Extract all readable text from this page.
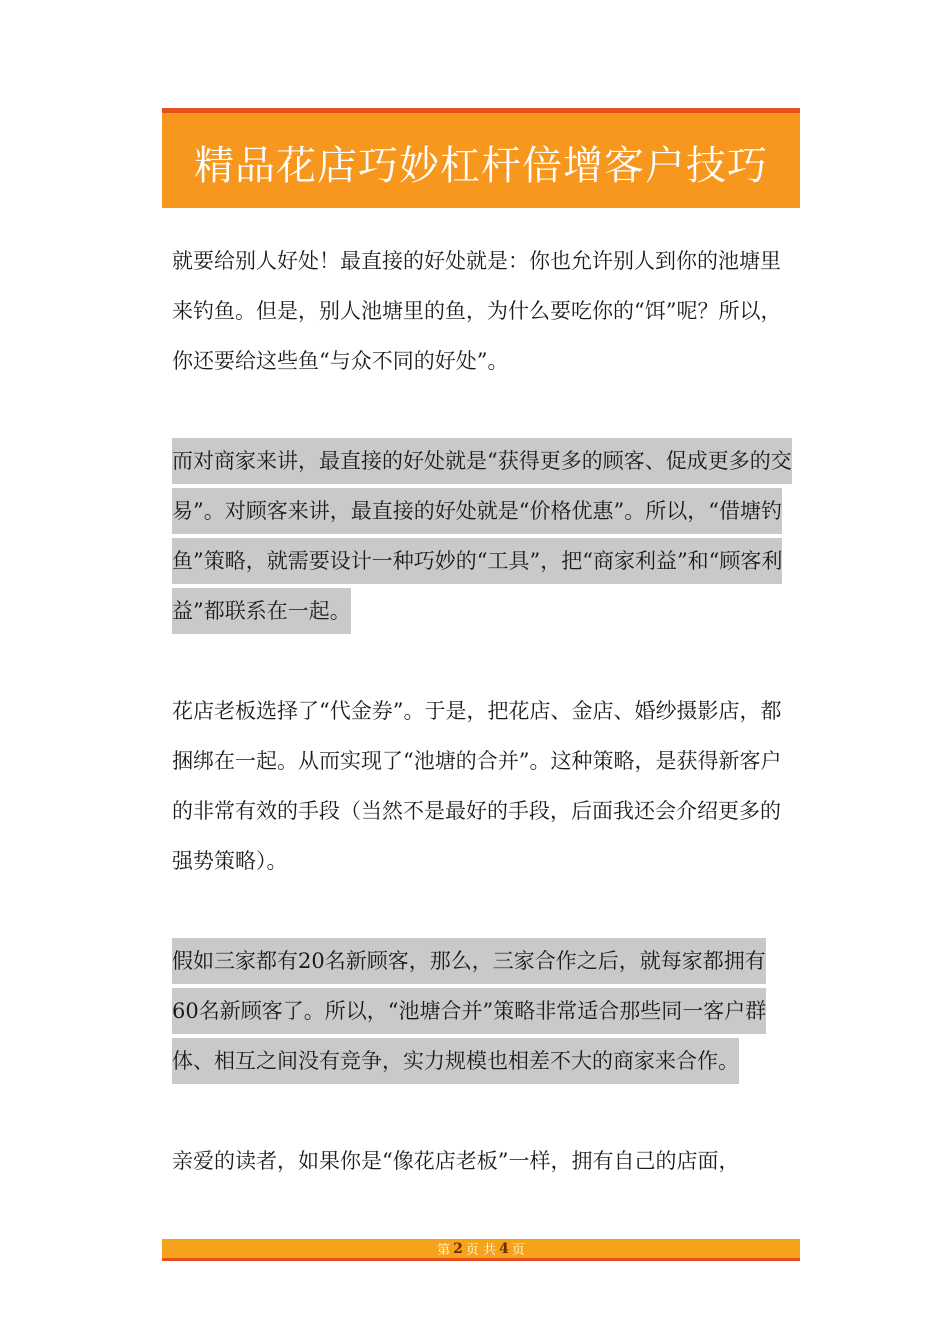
精品花店巧妙杠杆倍增客户技巧

就要给别人好处！最直接的好处就是：你也允许别人到你的池塘里来钓鱼。但是，别人池塘里的鱼，为什么要吃你的“饵”呢？所以，你还要给这些鱼“与众不同的好处”。

而对商家来讲，最直接的好处就是“获得更多的顾客、促成更多的交易”。对顾客来讲，最直接的好处就是“价格优惠”。所以，“借塘钓鱼”策略，就需要设计一种巧妙的“工具”，把“商家利益”和“顾客利益”都联系在一起。

花店老板选择了“代金券”。于是，把花店、金店、婚纱摄影店，都捆绑在一起。从而实现了“池塘的合并”。这种策略，是获得新客户的非常有效的手段（当然不是最好的手段，后面我还会介绍更多的强势策略）。

假如三家都有20名新顾客，那么，三家合作之后，就每家都拥有60名新顾客了。所以，“池塘合并”策略非常适合那些同一客户群体、相互之间没有竞争，实力规模也相差不大的商家来合作。

亲爱的读者，如果你是“像花店老板”一样，拥有自己的店面，

第 2 页 共 4 页
